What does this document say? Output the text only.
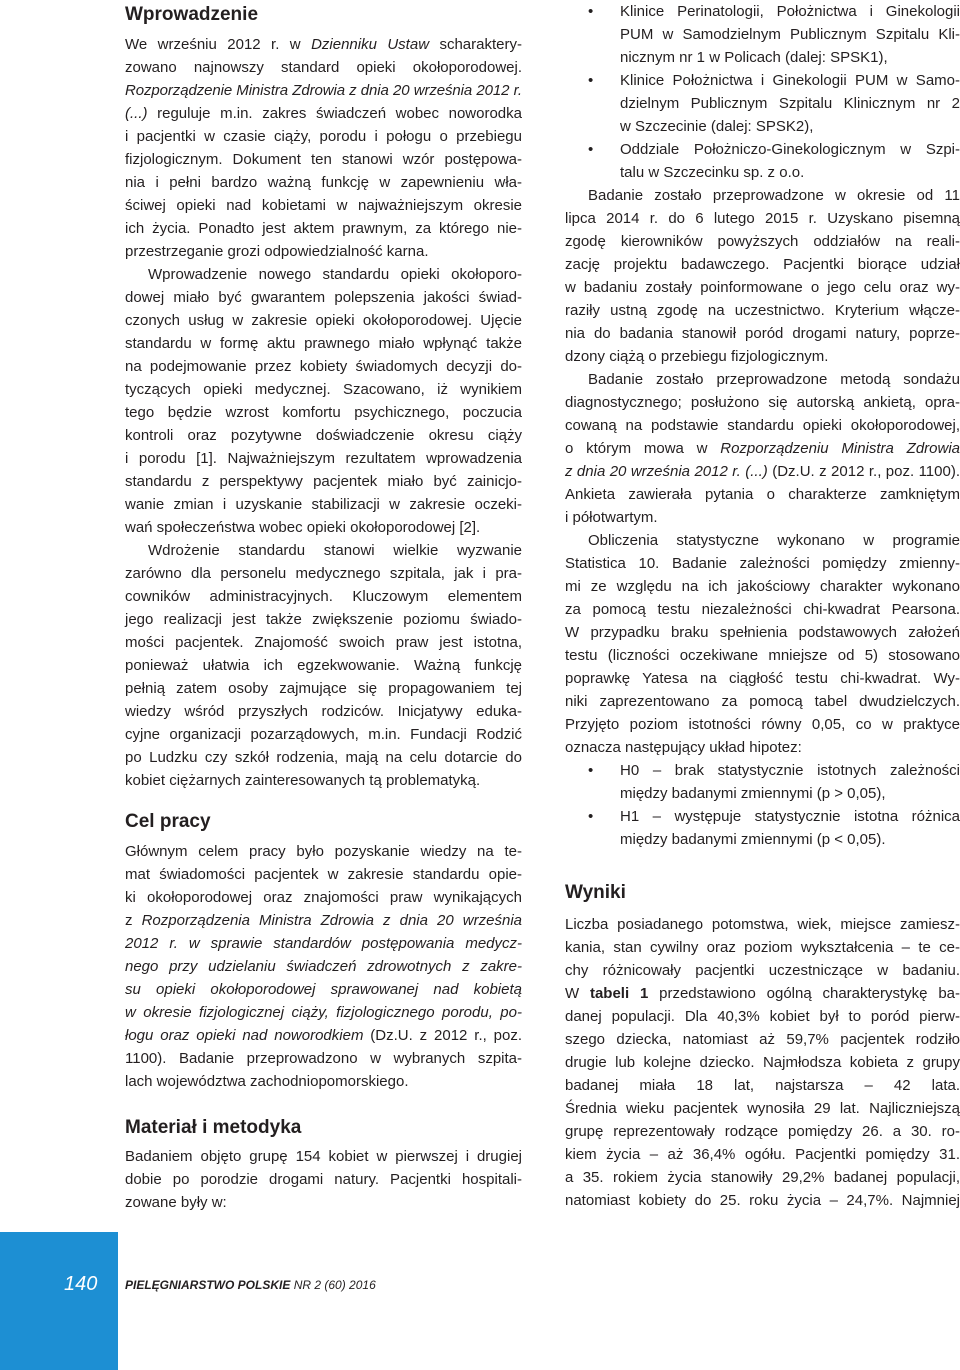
Wprowadzenie
We wrześniu 2012 r. w Dzienniku Ustaw scharaktery-
zowano najnowszy standard opieki okołoporodowej.
Rozporządzenie Ministra Zdrowia z dnia 20 września 2012 r.
(...) reguluje m.in. zakres świadczeń wobec noworodka
i pacjentki w czasie ciąży, porodu i połogu o przebiegu
fizjologicznym. Dokument ten stanowi wzór postępowa-
nia i pełni bardzo ważną funkcję w zapewnieniu wła-
ściwej opieki nad kobietami w najważniejszym okresie
ich życia. Ponadto jest aktem prawnym, za którego nie-
przestrzeganie grozi odpowiedzialność karna.
Wprowadzenie nowego standardu opieki okołoporo-
dowej miało być gwarantem polepszenia jakości świad-
czonych usług w zakresie opieki okołoporodowej. Ujęcie
standardu w formę aktu prawnego miało wpłynąć także
na podejmowanie przez kobiety świadomych decyzji do-
tyczących opieki medycznej. Szacowano, iż wynikiem
tego będzie wzrost komfortu psychicznego, poczucia
kontroli oraz pozytywne doświadczenie okresu ciąży
i porodu [1]. Najważniejszym rezultatem wprowadzenia
standardu z perspektywy pacjentek miało być zainicjo-
wanie zmian i uzyskanie stabilizacji w zakresie oczeki-
wań społeczeństwa wobec opieki okołoporodowej [2].
Wdrożenie standardu stanowi wielkie wyzwanie
zarówno dla personelu medycznego szpitala, jak i pra-
cowników administracyjnych. Kluczowym elementem
jego realizacji jest także zwiększenie poziomu świado-
mości pacjentek. Znajomość swoich praw jest istotna,
ponieważ ułatwia ich egzekwowanie. Ważną funkcję
pełnią zatem osoby zajmujące się propagowaniem tej
wiedzy wśród przyszłych rodziców. Inicjatywy eduka-
cyjne organizacji pozarządowych, m.in. Fundacji Rodzić
po Ludzku czy szkół rodzenia, mają na celu dotarcie do
kobiet ciężarnych zainteresowanych tą problematyką.
Cel pracy
Głównym celem pracy było pozyskanie wiedzy na te-
mat świadomości pacjentek w zakresie standardu opie-
ki okołoporodowej oraz znajomości praw wynikających
z Rozporządzenia Ministra Zdrowia z dnia 20 września
2012 r. w sprawie standardów postępowania medycz-
nego przy udzielaniu świadczeń zdrowotnych z zakre-
su opieki okołoporodowej sprawowanej nad kobietą
w okresie fizjologicznej ciąży, fizjologicznego porodu, po-
łogu oraz opieki nad noworodkiem (Dz.U. z 2012 r., poz.
1100). Badanie przeprowadzono w wybranych szpita-
lach województwa zachodniopomorskiego.
Materiał i metodyka
Badaniem objęto grupę 154 kobiet w pierwszej i drugiej
dobie po porodzie drogami natury. Pacjentki hospitali-
zowane były w:
• Klinice Perinatologii, Położnictwa i Ginekologii
PUM w Samodzielnym Publicznym Szpitalu Kli-
nicznym nr 1 w Policach (dalej: SPSK1),
• Klinice Położnictwa i Ginekologii PUM w Samo-
dzielnym Publicznym Szpitalu Klinicznym nr 2
w Szczecinie (dalej: SPSK2),
• Oddziale Położniczo-Ginekologicznym w Szpi-
talu w Szczecinku sp. z o.o.
Badanie zostało przeprowadzone w okresie od 11
lipca 2014 r. do 6 lutego 2015 r. Uzyskano pisemną
zgodę kierowników powyższych oddziałów na reali-
zację projektu badawczego. Pacjentki biorące udział
w badaniu zostały poinformowane o jego celu oraz wy-
raziły ustną zgodę na uczestnictwo. Kryterium włącze-
nia do badania stanowił poród drogami natury, poprze-
dzony ciążą o przebiegu fizjologicznym.
Badanie zostało przeprowadzone metodą sondażu
diagnostycznego; posłużono się autorską ankietą, opra-
cowaną na podstawie standardu opieki okołoporodowej,
o którym mowa w Rozporządzeniu Ministra Zdrowia
z dnia 20 września 2012 r. (...) (Dz.U. z 2012 r., poz. 1100).
Ankieta zawierała pytania o charakterze zamkniętym
i półotwartym.
Obliczenia statystyczne wykonano w programie
Statistica 10. Badanie zależności pomiędzy zmienny-
mi ze względu na ich jakościowy charakter wykonano
za pomocą testu niezależności chi-kwadrat Pearsona.
W przypadku braku spełnienia podstawowych założeń
testu (liczności oczekiwane mniejsze od 5) stosowano
poprawkę Yatesa na ciągłość testu chi-kwadrat. Wy-
niki zaprezentowano za pomocą tabel dwudzielczych.
Przyjęto poziom istotności równy 0,05, co w praktyce
oznacza następujący układ hipotez:
• H0 – brak statystycznie istotnych zależności
między badanymi zmiennymi (p > 0,05),
• H1 – występuje statystycznie istotna różnica
między badanymi zmiennymi (p < 0,05).
Wyniki
Liczba posiadanego potomstwa, wiek, miejsce zamiesz-
kania, stan cywilny oraz poziom wykształcenia – te ce-
chy różnicowały pacjentki uczestniczące w badaniu.
W tabeli 1 przedstawiono ogólną charakterystykę ba-
danej populacji. Dla 40,3% kobiet był to poród pierw-
szego dziecka, natomiast aż 59,7% pacjentek rodziło
drugie lub kolejne dziecko. Najmłodsza kobieta z grupy
badanej miała 18 lat, najstarsza – 42 lata.
Średnia wieku pacjentek wynosiła 29 lat. Najliczniejszą
grupę reprezentowały rodzące pomiędzy 26. a 30. ro-
kiem życia – aż 36,4% ogółu. Pacjentki pomiędzy 31.
a 35. rokiem życia stanowiły 29,2% badanej populacji,
natomiast kobiety do 25. roku życia – 24,7%. Najmniej
140 PIELĘGNIARSTWO POLSKIE NR 2 (60) 2016
